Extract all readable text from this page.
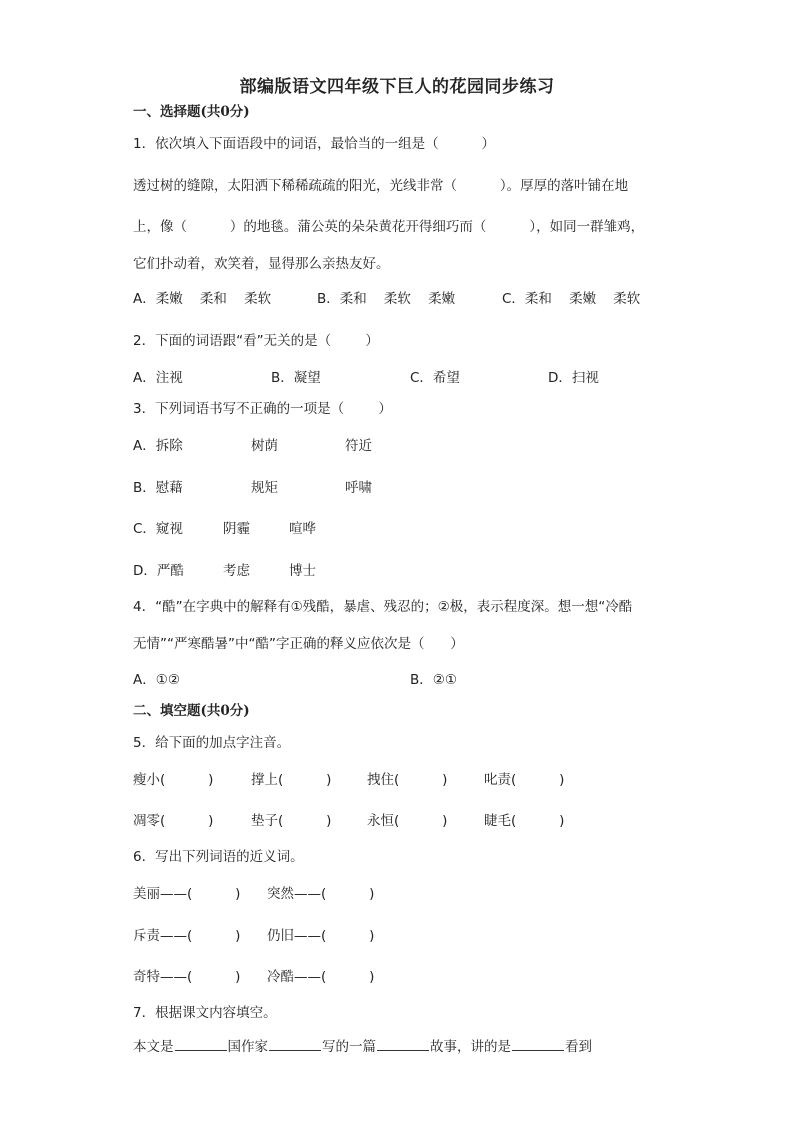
部编版语文四年级下巨人的花园同步练习
一、选择题(共0分)
1．依次填入下面语段中的词语，最恰当的一组是（          ）
透过树的缝隙，太阳洒下稀稀疏疏的阳光，光线非常（          ）。厚厚的落叶铺在地
上，像（          ）的地毯。蒲公英的朵朵黄花开得细巧而（          ），如同一群雏鸡，
它们扑动着，欢笑着，显得那么亲热友好。
A．柔嫩    柔和    柔软	B．柔和    柔软    柔嫩	C．柔和    柔嫩    柔软
2．下面的词语跟“看”无关的是（        ）
A．注视	B．凝望	C．希望	D．扫视
3．下列词语书写不正确的一项是（        ）
A．拆除	树荫	符近
B．慰藉	规矩	呼啸
C．窥视	阴霾	喧哗
D．严酷	考虑	博士
4．“酷”在字典中的解释有①残酷，暴虐、残忍的；②极，表示程度深。想一想“冷酷
无情”“严寒酷暑”中“酷”字正确的释义应依次是（      ）
A．①②	B．②①
二、填空题(共0分)
5．给下面的加点字注音。
瘦小(          )	撑上(          )	拽住(          )	叱责(          )
凋零(          )	垫子(          )	永恒(          )	睫毛(          )
6．写出下列词语的近义词。
美丽——(          ) 突然——(          )
斥责——(          ) 仍旧——(          )
奇特——(          ) 冷酷——(          )
7．根据课文内容填空。
本文是	国作家	写的一篇	故事，讲的是	看到
